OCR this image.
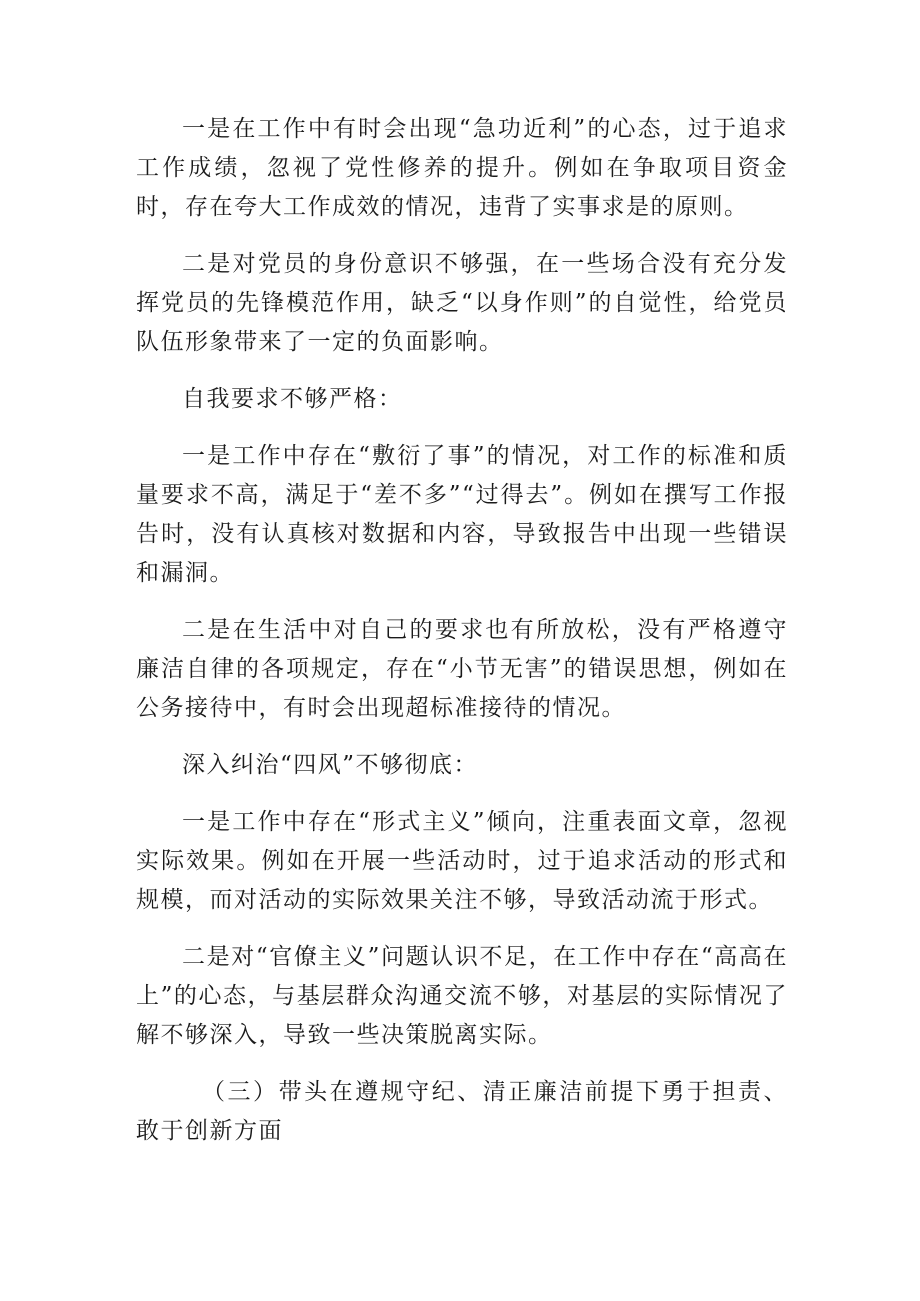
一是在工作中有时会出现“急功近利”的心态，过于追求工作成绩，忽视了党性修养的提升。例如在争取项目资金时，存在夸大工作成效的情况，违背了实事求是的原则。

二是对党员的身份意识不够强，在一些场合没有充分发挥党员的先锋模范作用，缺乏“以身作则”的自觉性，给党员队伍形象带来了一定的负面影响。

自我要求不够严格：

一是工作中存在“敷衍了事”的情况，对工作的标准和质量要求不高，满足于“差不多”“过得去”。例如在撰写工作报告时，没有认真核对数据和内容，导致报告中出现一些错误和漏洞。

二是在生活中对自己的要求也有所放松，没有严格遵守廉洁自律的各项规定，存在“小节无害”的错误思想，例如在公务接待中，有时会出现超标准接待的情况。

深入纠治“四风”不够彻底：

一是工作中存在“形式主义”倾向，注重表面文章，忽视实际效果。例如在开展一些活动时，过于追求活动的形式和规模，而对活动的实际效果关注不够，导致活动流于形式。

二是对“官僚主义”问题认识不足，在工作中存在“高高在上”的心态，与基层群众沟通交流不够，对基层的实际情况了解不够深入，导致一些决策脱离实际。

（三）带头在遵规守纪、清正廉洁前提下勇于担责、敢于创新方面
